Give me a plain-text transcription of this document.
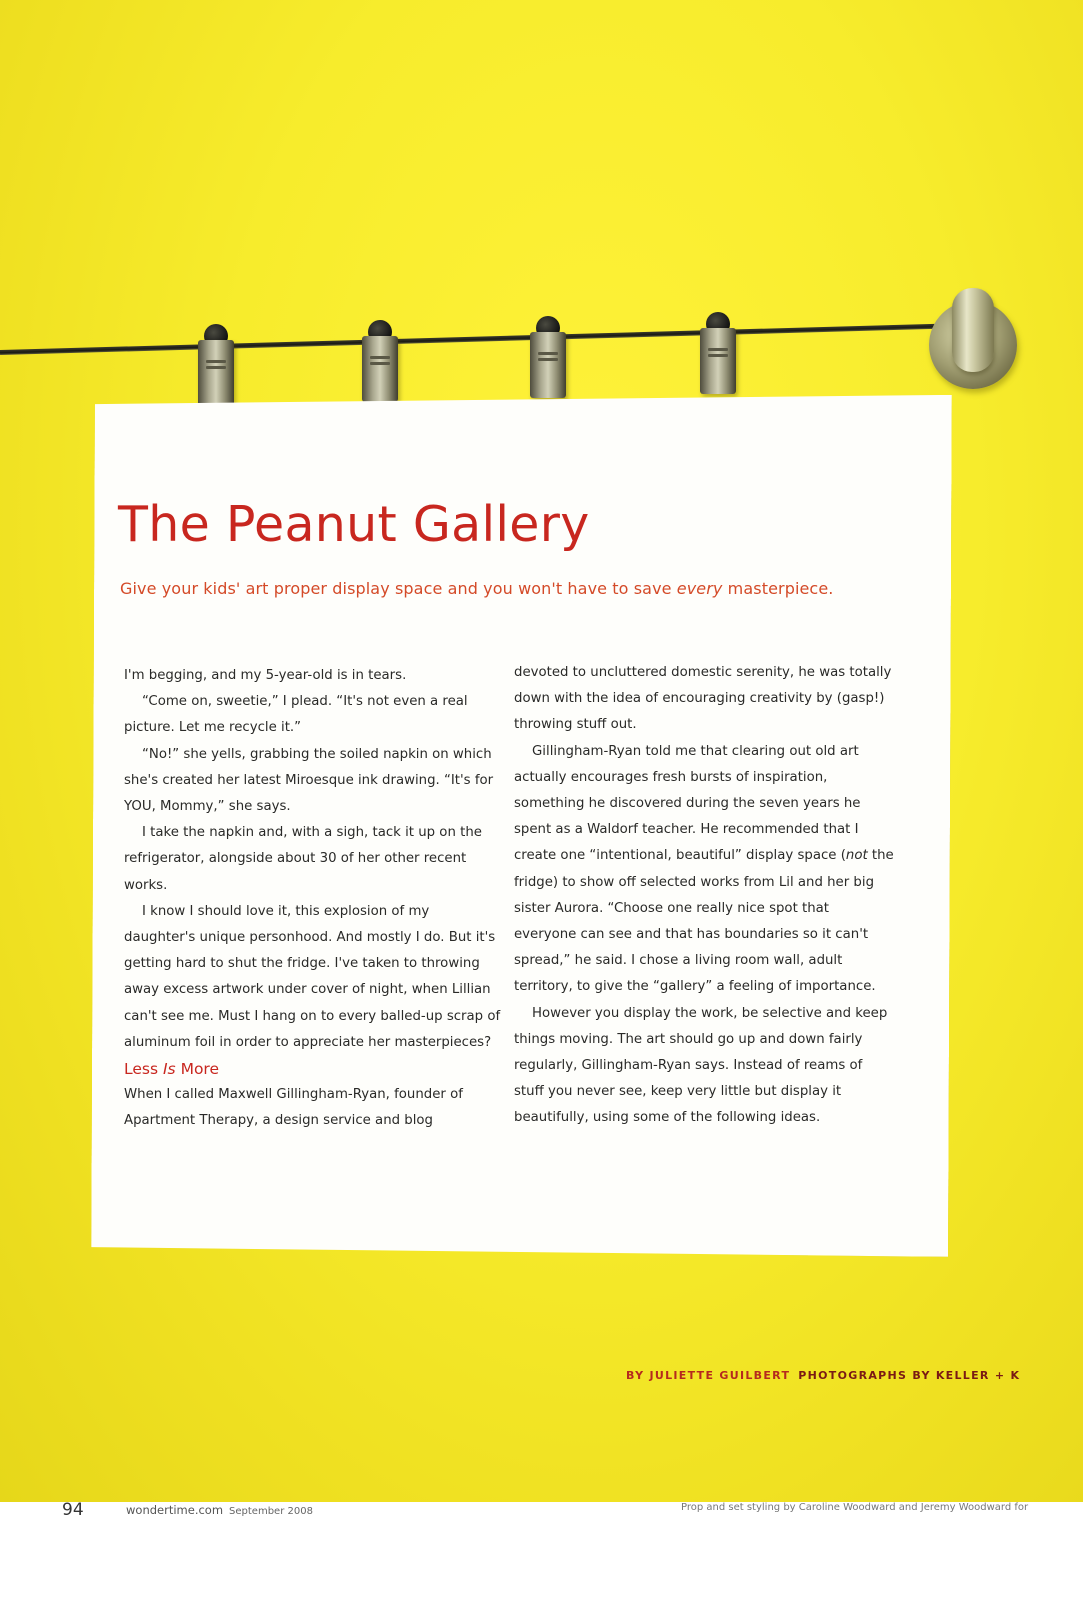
The Peanut Gallery

Give your kids' art proper display space and you won't have to save every masterpiece.

I'm begging, and my 5-year-old is in tears.

“Come on, sweetie,” I plead. “It's not even a real picture. Let me recycle it.”

“No!” she yells, grabbing the soiled napkin on which she's created her latest Miroesque ink drawing. “It's for YOU, Mommy,” she says.

I take the napkin and, with a sigh, tack it up on the refrigerator, alongside about 30 of her other recent works.

I know I should love it, this explosion of my daughter's unique personhood. And mostly I do. But it's getting hard to shut the fridge. I've taken to throwing away excess artwork under cover of night, when Lillian can't see me. Must I hang on to every balled-up scrap of aluminum foil in order to appreciate her masterpieces?

Less Is More

When I called Maxwell Gillingham-Ryan, founder of Apartment Therapy, a design service and blog

devoted to uncluttered domestic serenity, he was totally down with the idea of encouraging creativity by (gasp!) throwing stuff out.

Gillingham-Ryan told me that clearing out old art actually encourages fresh bursts of inspiration, something he discovered during the seven years he spent as a Waldorf teacher. He recommended that I create one “intentional, beautiful” display space (not the fridge) to show off selected works from Lil and her big sister Aurora. “Choose one really nice spot that everyone can see and that has boundaries so it can't spread,” he said. I chose a living room wall, adult territory, to give the “gallery” a feeling of importance.

However you display the work, be selective and keep things moving. The art should go up and down fairly regularly, Gillingham-Ryan says. Instead of reams of stuff you never see, keep very little but display it beautifully, using some of the following ideas.

BY JULIETTE GUILBERT PHOTOGRAPHS BY KELLER + K
94	wondertime.com September 2008	Prop and set styling by Caroline Woodward and Jeremy Woodward for
